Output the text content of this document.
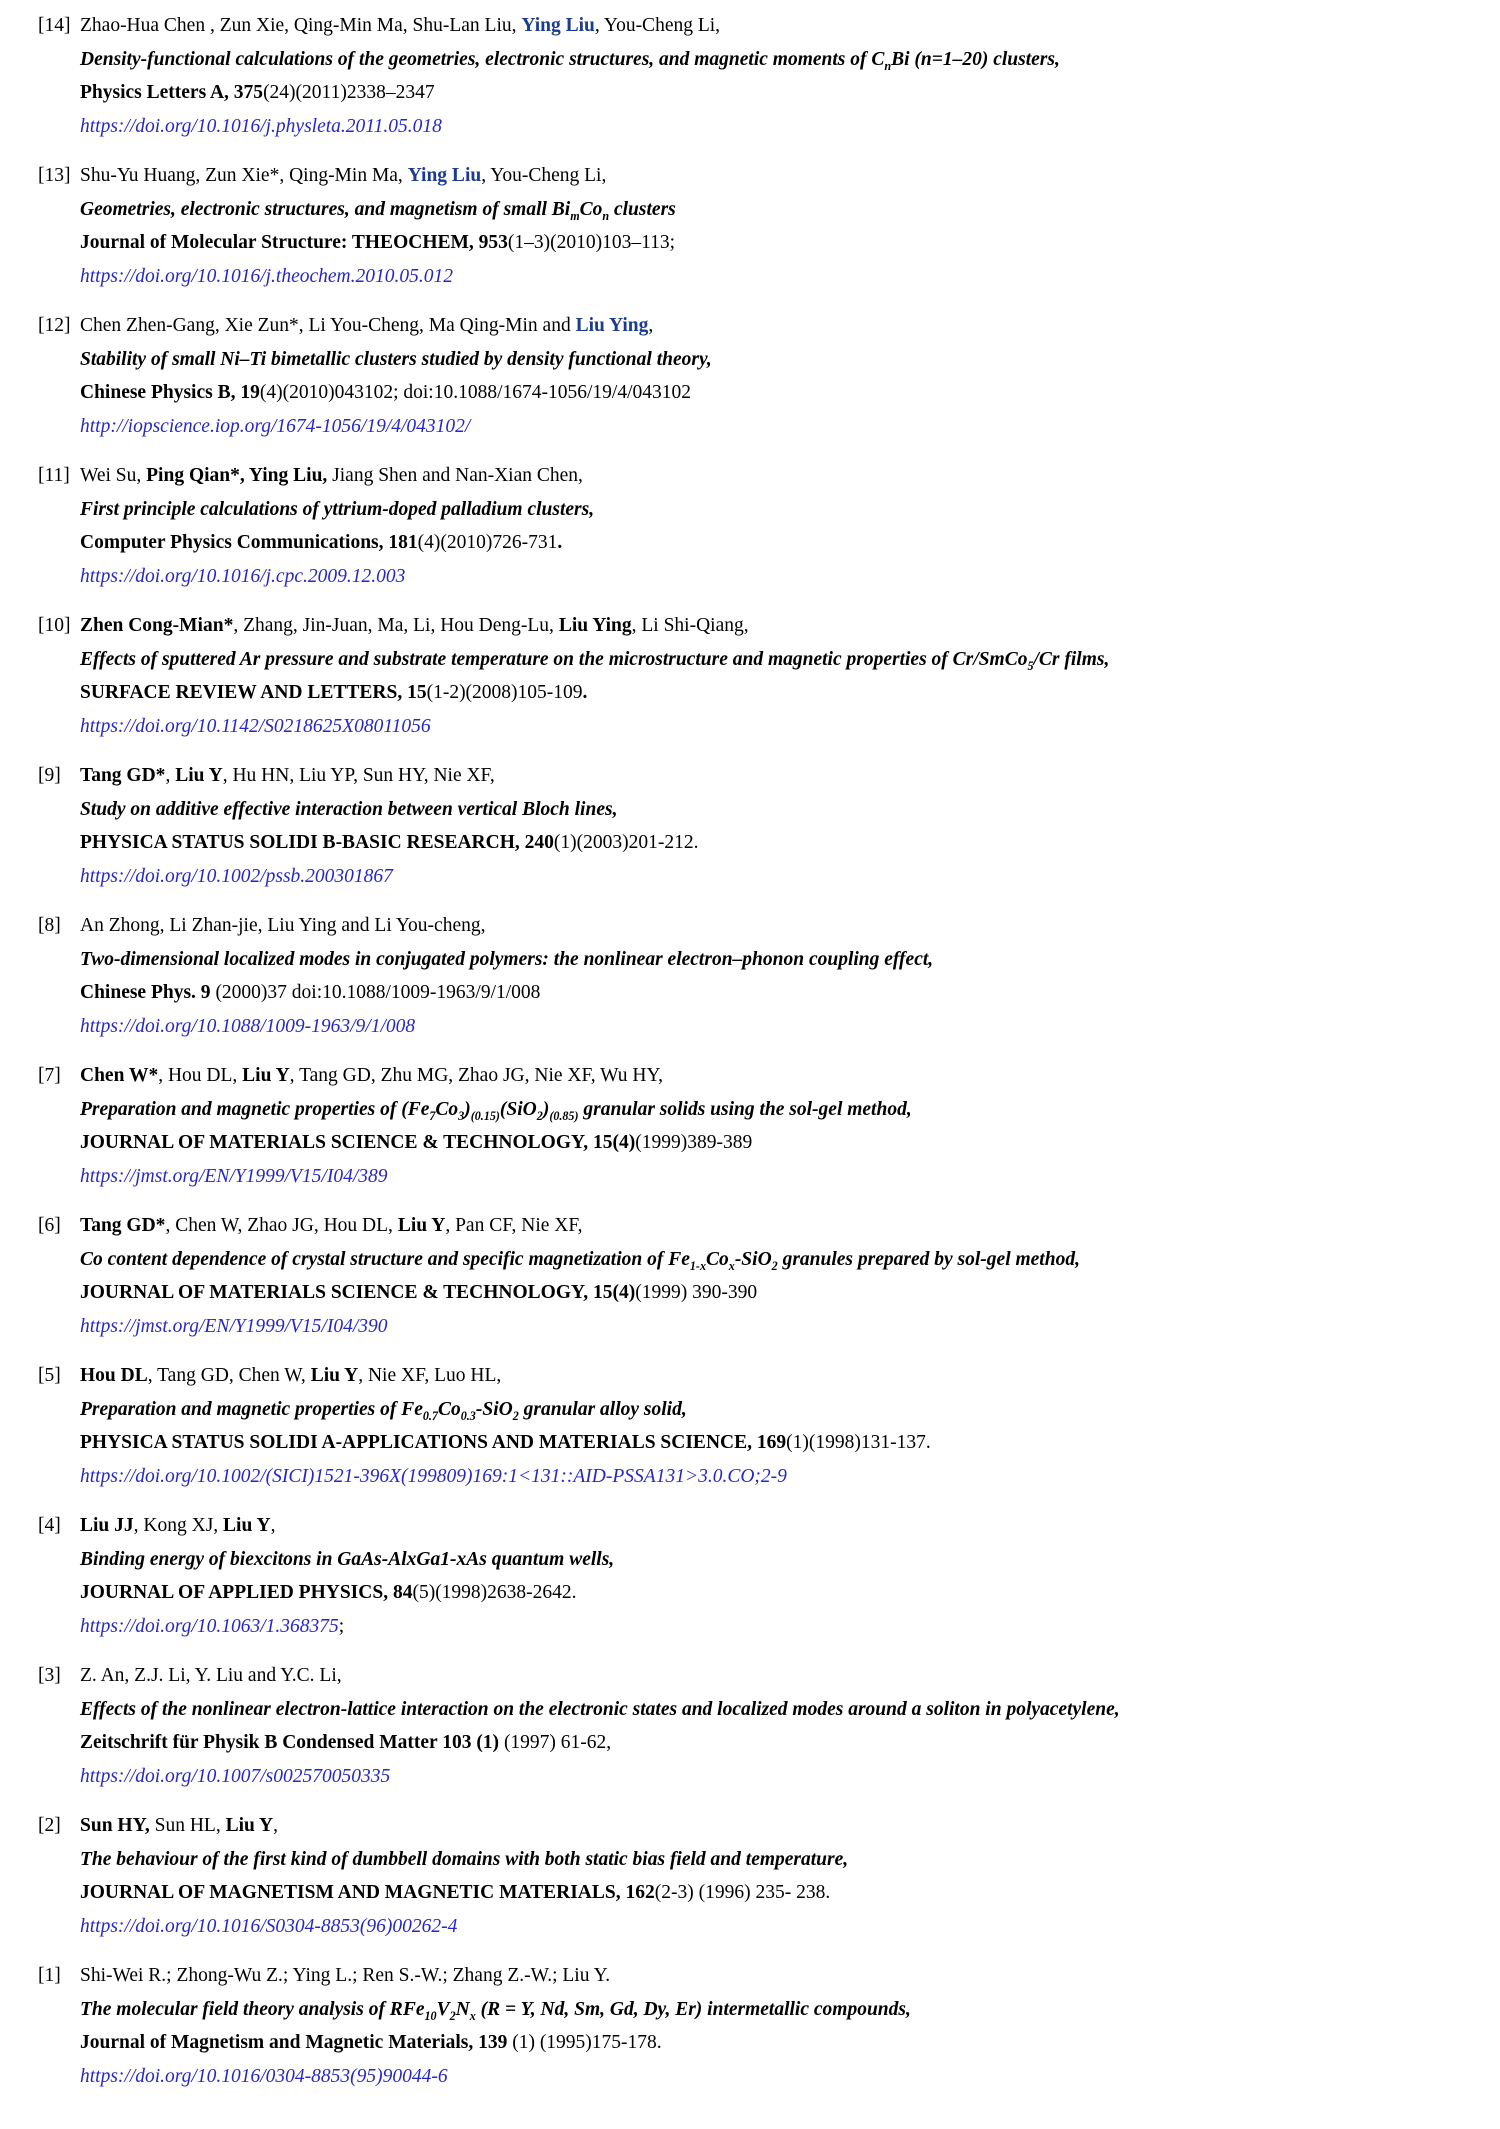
[14] Zhao-Hua Chen , Zun Xie, Qing-Min Ma, Shu-Lan Liu, Ying Liu, You-Cheng Li,
Density-functional calculations of the geometries, electronic structures, and magnetic moments of $C_nBi$ (n=1–20) clusters,
Physics Letters A, 375(24)(2011)2338–2347
https://doi.org/10.1016/j.physleta.2011.05.018
[13] Shu-Yu Huang, Zun Xie*, Qing-Min Ma, Ying Liu, You-Cheng Li,
Geometries, electronic structures, and magnetism of small $Bi_mCo_n$ clusters
Journal of Molecular Structure: THEOCHEM, 953(1–3)(2010)103–113;
https://doi.org/10.1016/j.theochem.2010.05.012
[12] Chen Zhen-Gang, Xie Zun*, Li You-Cheng, Ma Qing-Min and Liu Ying,
Stability of small Ni–Ti bimetallic clusters studied by density functional theory,
Chinese Physics B, 19(4)(2010)043102; doi:10.1088/1674-1056/19/4/043102
http://iopscience.iop.org/1674-1056/19/4/043102/
[11] Wei Su, Ping Qian*, Ying Liu, Jiang Shen and Nan-Xian Chen,
First principle calculations of yttrium-doped palladium clusters,
Computer Physics Communications, 181(4)(2010)726-731.
https://doi.org/10.1016/j.cpc.2009.12.003
[10] Zhen Cong-Mian*, Zhang, Jin-Juan, Ma, Li, Hou Deng-Lu, Liu Ying, Li Shi-Qiang,
Effects of sputtered Ar pressure and substrate temperature on the microstructure and magnetic properties of Cr/SmCo$_5$/Cr films,
SURFACE REVIEW AND LETTERS, 15(1-2)(2008)105-109.
https://doi.org/10.1142/S0218625X08011056
[9] Tang GD*, Liu Y, Hu HN, Liu YP, Sun HY, Nie XF,
Study on additive effective interaction between vertical Bloch lines,
PHYSICA STATUS SOLIDI B-BASIC RESEARCH, 240(1)(2003)201-212.
https://doi.org/10.1002/pssb.200301867
[8] An Zhong, Li Zhan-jie, Liu Ying and Li You-cheng,
Two-dimensional localized modes in conjugated polymers: the nonlinear electron–phonon coupling effect,
Chinese Phys. 9 (2000)37 doi:10.1088/1009-1963/9/1/008
https://doi.org/10.1088/1009-1963/9/1/008
[7] Chen W*, Hou DL, Liu Y, Tang GD, Zhu MG, Zhao JG, Nie XF, Wu HY,
Preparation and magnetic properties of $(Fe_7Co_3)_{(0.15)}(SiO_2)_{(0.85)}$ granular solids using the sol-gel method,
JOURNAL OF MATERIALS SCIENCE & TECHNOLOGY, 15(4)(1999)389-389
https://jmst.org/EN/Y1999/V15/I04/389
[6] Tang GD*, Chen W, Zhao JG, Hou DL, Liu Y, Pan CF, Nie XF,
Co content dependence of crystal structure and specific magnetization of $Fe_{1-x}Co_x-SiO_2$ granules prepared by sol-gel method,
JOURNAL OF MATERIALS SCIENCE & TECHNOLOGY, 15(4)(1999) 390-390
https://jmst.org/EN/Y1999/V15/I04/390
[5] Hou DL, Tang GD, Chen W, Liu Y, Nie XF, Luo HL,
Preparation and magnetic properties of $Fe_{0.7}Co_{0.3}-SiO_2$ granular alloy solid,
PHYSICA STATUS SOLIDI A-APPLICATIONS AND MATERIALS SCIENCE, 169(1)(1998)131-137.
https://doi.org/10.1002/(SICI)1521-396X(199809)169:1<131::AID-PSSA131>3.0.CO;2-9
[4] Liu JJ, Kong XJ, Liu Y,
Binding energy of biexcitons in GaAs-AlxGa1-xAs quantum wells,
JOURNAL OF APPLIED PHYSICS, 84(5)(1998)2638-2642.
https://doi.org/10.1063/1.368375;
[3] Z. An, Z.J. Li, Y. Liu and Y.C. Li,
Effects of the nonlinear electron-lattice interaction on the electronic states and localized modes around a soliton in polyacetylene,
Zeitschrift für Physik B Condensed Matter 103 (1) (1997) 61-62,
https://doi.org/10.1007/s002570050335
[2] Sun HY, Sun HL, Liu Y,
The behaviour of the first kind of dumbbell domains with both static bias field and temperature,
JOURNAL OF MAGNETISM AND MAGNETIC MATERIALS, 162(2-3) (1996) 235- 238.
https://doi.org/10.1016/S0304-8853(96)00262-4
[1] Shi-Wei R.; Zhong-Wu Z.; Ying L.; Ren S.-W.; Zhang Z.-W.; Liu Y.
The molecular field theory analysis of $RFe_{10}V_2N_x$ (R = Y, Nd, Sm, Gd, Dy, Er) intermetallic compounds,
Journal of Magnetism and Magnetic Materials, 139 (1) (1995)175-178.
https://doi.org/10.1016/0304-8853(95)90044-6
